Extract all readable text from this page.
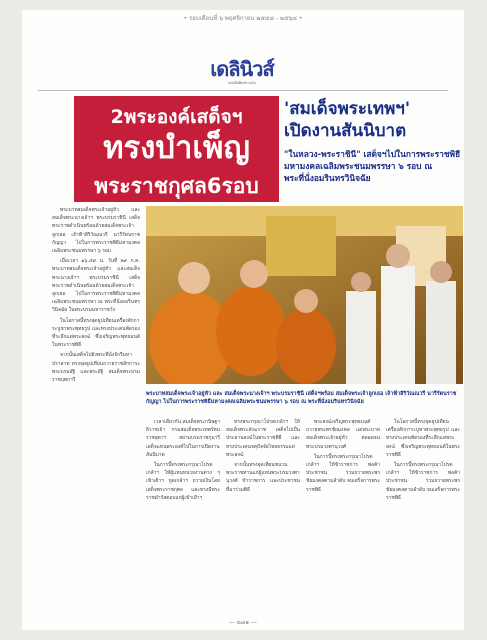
• รอบเดือนที่ ๖ พฤศจิกายน ๒๕๔๘ - ๒๕๖๘ •
เดลินิวส์
หนังสือพิมพ์รายวัน
2พระองค์เสด็จฯ
ทรงบำเพ็ญ
พระราชกุศล6รอบ
'สมเด็จพระเทพฯ'
เปิดงานสันนิบาต
"ในหลวง-พระราชินี" เสด็จฯไปในการพระราชพิธีมหามงคลเฉลิมพระชนมพรรษา ๖ รอบ ณ พระที่นั่งอมรินทรวินิจฉัย

พระบาทสมเด็จพระเจ้าอยู่หัว และสมเด็จพระนางเจ้าฯ พระบรมราชินี เสด็จพระราชดำเนินพร้อมด้วยสมเด็จพระเจ้าลูกเธอ เจ้าฟ้าสิริวัณณวรี นารีรัตนราชกัญญา ไปในการพระราชพิธีมหามงคลเฉลิมพระชนมพรรษา ๖ รอบ

เมื่อเวลา ๑๖.๕๙ น. วันที่ ๒๙ ก.ค. พระบาทสมเด็จพระเจ้าอยู่หัว และสมเด็จพระนางเจ้าฯ พระบรมราชินี เสด็จพระราชดำเนินพร้อมด้วยสมเด็จพระเจ้าลูกเธอ ไปในการพระราชพิธีมหามงคลเฉลิมพระชนมพรรษา ณ พระที่นั่งอมรินทรวินิจฉัย ในพระบรมมหาราชวัง

ในโอกาสนี้ทรงจุดธูปเทียนเครื่องสักการะบูชาพระพุทธรูป และทรงประเคนพัดรองที่ระลึกแด่พระสงฆ์ ซึ่งเจริญพระพุทธมนต์ในพระราชพิธี

จากนั้นเสด็จไปยังพระที่นั่งจักรีมหาปราสาท ทรงจุดธูปเทียนถวายราชสักการะพระบรมอัฐิ และพระอัฐิ สมเด็จพระบรมราชบุพการี

พระบาทสมเด็จพระเจ้าอยู่หัว และ สมเด็จพระนางเจ้าฯ พระบรมราชินี เสด็จฯพร้อม สมเด็จพระเจ้าลูกเธอ เจ้าฟ้าสิริวัณณวรี นารีรัตนราชกัญญา ไปในการพระราชพิธีมหามงคลเฉลิมพระชนมพรรษา ๖ รอบ ณ พระที่นั่งอมรินทรวินิจฉัย

เวลาเดียวกัน สมเด็จพระกนิษฐาธิราชเจ้า กรมสมเด็จพระเทพรัตนราชสุดาฯ สยามบรมราชกุมารี เสด็จแทนพระองค์ไปในการเปิดงานสันนิบาต

ในการนี้ทรงพระกรุณาโปรดเกล้าฯ ให้ผู้แทนหน่วยงานต่าง ๆ เข้าเฝ้าฯ ทูลเกล้าฯ ถวายเงินโดยเสด็จพระราชกุศล และทรงมีพระราชดำรัสตอบแก่ผู้เข้าเฝ้าฯ

ทรงพระกรุณาโปรดเกล้าฯ ให้สมเด็จพระสังฆราช เสด็จไปเป็นประธานสงฆ์ในพระราชพิธี และทรงประเคนจตุปัจจัยไทยธรรมแด่พระสงฆ์

จากนั้นทรงจุดเทียนชนวนพระราชทานแก่ผู้แทนพระบรมวงศานุวงศ์ ข้าราชการ และประชาชนที่มาร่วมพิธี

พระสงฆ์เจริญพระพุทธมนต์ถวายพระพรชัยมงคล แด่พระบาทสมเด็จพระเจ้าอยู่หัว ตลอดจนพระบรมวงศานุวงศ์

ในการนี้ทรงพระกรุณาโปรดเกล้าฯ ให้ข้าราชการ พ่อค้า ประชาชน ร่วมถวายพระพรชัยมงคลตามลำดับ จนเสร็จการพระราชพิธี

ในโอกาสนี้ทรงจุดธูปเทียนเครื่องสักการะบูชาพระพุทธรูป และทรงประเคนพัดรองที่ระลึกแด่พระสงฆ์ ซึ่งเจริญพระพุทธมนต์ในพระราชพิธี

ในการนี้ทรงพระกรุณาโปรดเกล้าฯ ให้ข้าราชการ พ่อค้า ประชาชน ร่วมถวายพระพรชัยมงคลตามลำดับ จนเสร็จการพระราชพิธี

— ๒๗๑ —
